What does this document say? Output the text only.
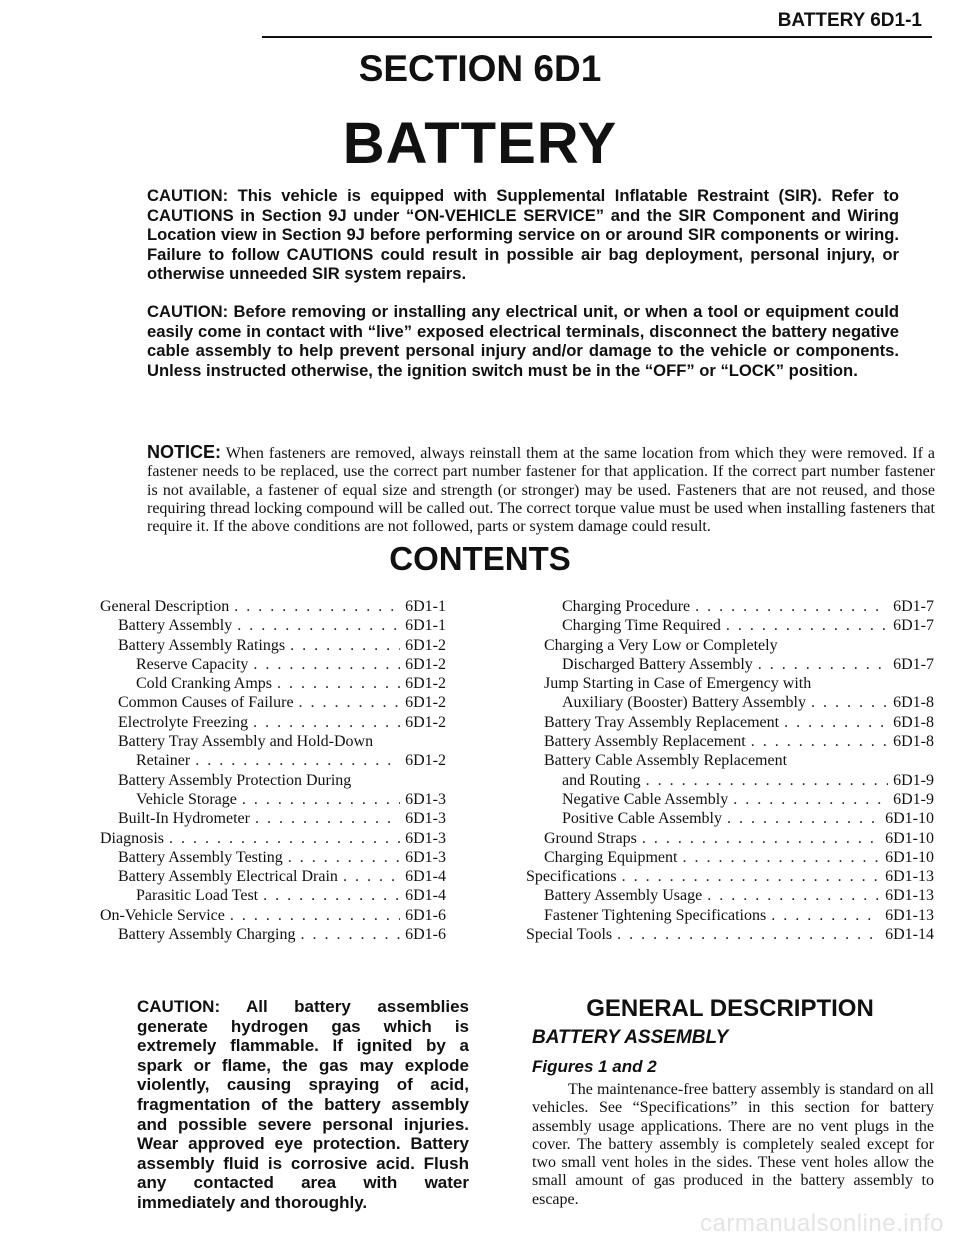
BATTERY 6D1-1
SECTION 6D1
BATTERY
CAUTION: This vehicle is equipped with Supplemental Inflatable Restraint (SIR). Refer to CAUTIONS in Section 9J under “ON-VEHICLE SERVICE” and the SIR Component and Wiring Location view in Section 9J before performing service on or around SIR components or wiring. Failure to follow CAUTIONS could result in possible air bag deployment, personal injury, or otherwise unneeded SIR system repairs.
CAUTION: Before removing or installing any electrical unit, or when a tool or equipment could easily come in contact with “live” exposed electrical terminals, disconnect the battery negative cable assembly to help prevent personal injury and/or damage to the vehicle or components. Unless instructed otherwise, the ignition switch must be in the “OFF” or “LOCK” position.
NOTICE: When fasteners are removed, always reinstall them at the same location from which they were removed. If a fastener needs to be replaced, use the correct part number fastener for that application. If the correct part number fastener is not available, a fastener of equal size and strength (or stronger) may be used. Fasteners that are not reused, and those requiring thread locking compound will be called out. The correct torque value must be used when installing fasteners that require it. If the above conditions are not followed, parts or system damage could result.
CONTENTS
General Description . . .	6D1-1
Battery Assembly . . .	6D1-1
Battery Assembly Ratings . . .	6D1-2
Reserve Capacity . . .	6D1-2
Cold Cranking Amps . . .	6D1-2
Common Causes of Failure . . .	6D1-2
Electrolyte Freezing . . .	6D1-2
Battery Tray Assembly and Hold-Down
Retainer . . .	6D1-2
Battery Assembly Protection During
Vehicle Storage . . .	6D1-3
Built-In Hydrometer . . .	6D1-3
Diagnosis . . .	6D1-3
Battery Assembly Testing . . .	6D1-3
Battery Assembly Electrical Drain . . .	6D1-4
Parasitic Load Test . . .	6D1-4
On-Vehicle Service . . .	6D1-6
Battery Assembly Charging . . .	6D1-6
Charging Procedure . . .	6D1-7
Charging Time Required . . .	6D1-7
Charging a Very Low or Completely
Discharged Battery Assembly . . .	6D1-7
Jump Starting in Case of Emergency with
Auxiliary (Booster) Battery Assembly . . .	6D1-8
Battery Tray Assembly Replacement . . .	6D1-8
Battery Assembly Replacement . . .	6D1-8
Battery Cable Assembly Replacement
and Routing . . .	6D1-9
Negative Cable Assembly . . .	6D1-9
Positive Cable Assembly . . .	6D1-10
Ground Straps . . .	6D1-10
Charging Equipment . . .	6D1-10
Specifications . . .	6D1-13
Battery Assembly Usage . . .	6D1-13
Fastener Tightening Specifications . . .	6D1-13
Special Tools . . .	6D1-14
CAUTION: All battery assemblies generate hydrogen gas which is extremely flammable. If ignited by a spark or flame, the gas may explode violently, causing spraying of acid, fragmentation of the battery assembly and possible severe personal injuries. Wear approved eye protection. Battery assembly fluid is corrosive acid. Flush any contacted area with water immediately and thoroughly.
GENERAL DESCRIPTION
BATTERY ASSEMBLY
Figures 1 and 2
The maintenance-free battery assembly is standard on all vehicles. See “Specifications” in this section for battery assembly usage applications. There are no vent plugs in the cover. The battery assembly is completely sealed except for two small vent holes in the sides. These vent holes allow the small amount of gas produced in the battery assembly to escape.
carmanualsonline.info
